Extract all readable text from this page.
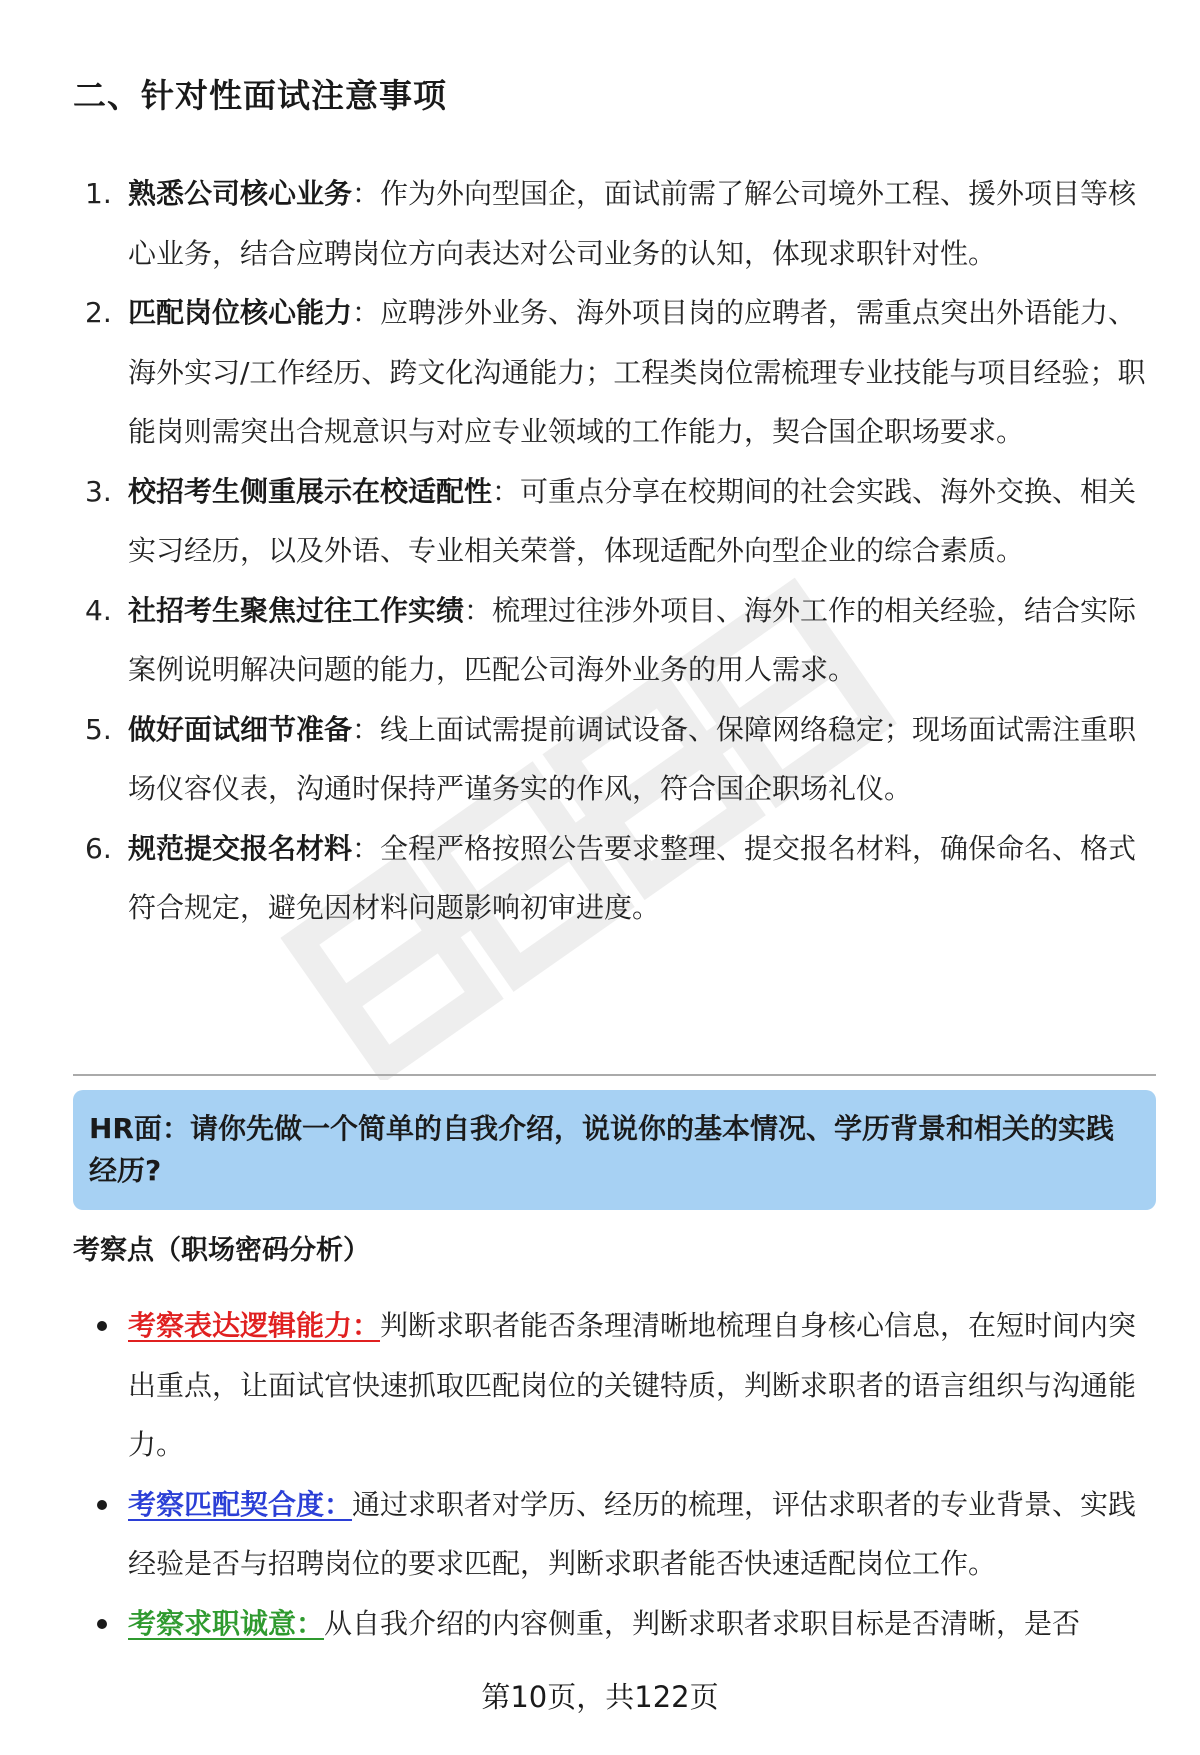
二、针对性面试注意事项
1. 熟悉公司核心业务：作为外向型国企，面试前需了解公司境外工程、援外项目等核心业务，结合应聘岗位方向表达对公司业务的认知，体现求职针对性。
2. 匹配岗位核心能力：应聘涉外业务、海外项目岗的应聘者，需重点突出外语能力、海外实习/工作经历、跨文化沟通能力；工程类岗位需梳理专业技能与项目经验；职能岗则需突出合规意识与对应专业领域的工作能力，契合国企职场要求。
3. 校招考生侧重展示在校适配性：可重点分享在校期间的社会实践、海外交换、相关实习经历，以及外语、专业相关荣誉，体现适配外向型企业的综合素质。
4. 社招考生聚焦过往工作实绩：梳理过往涉外项目、海外工作的相关经验，结合实际案例说明解决问题的能力，匹配公司海外业务的用人需求。
5. 做好面试细节准备：线上面试需提前调试设备、保障网络稳定；现场面试需注重职场仪容仪表，沟通时保持严谨务实的作风，符合国企职场礼仪。
6. 规范提交报名材料：全程严格按照公告要求整理、提交报名材料，确保命名、格式符合规定，避免因材料问题影响初审进度。

HR面：请你先做一个简单的自我介绍，说说你的基本情况、学历背景和相关的实践经历?

考察点（职场密码分析）
考察表达逻辑能力：判断求职者能否条理清晰地梳理自身核心信息，在短时间内突出重点，让面试官快速抓取匹配岗位的关键特质，判断求职者的语言组织与沟通能力。
考察匹配契合度：通过求职者对学历、经历的梳理，评估求职者的专业背景、实践经验是否与招聘岗位的要求匹配，判断求职者能否快速适配岗位工作。
考察求职诚意：从自我介绍的内容侧重，判断求职者求职目标是否清晰，是否
第10页，共122页
